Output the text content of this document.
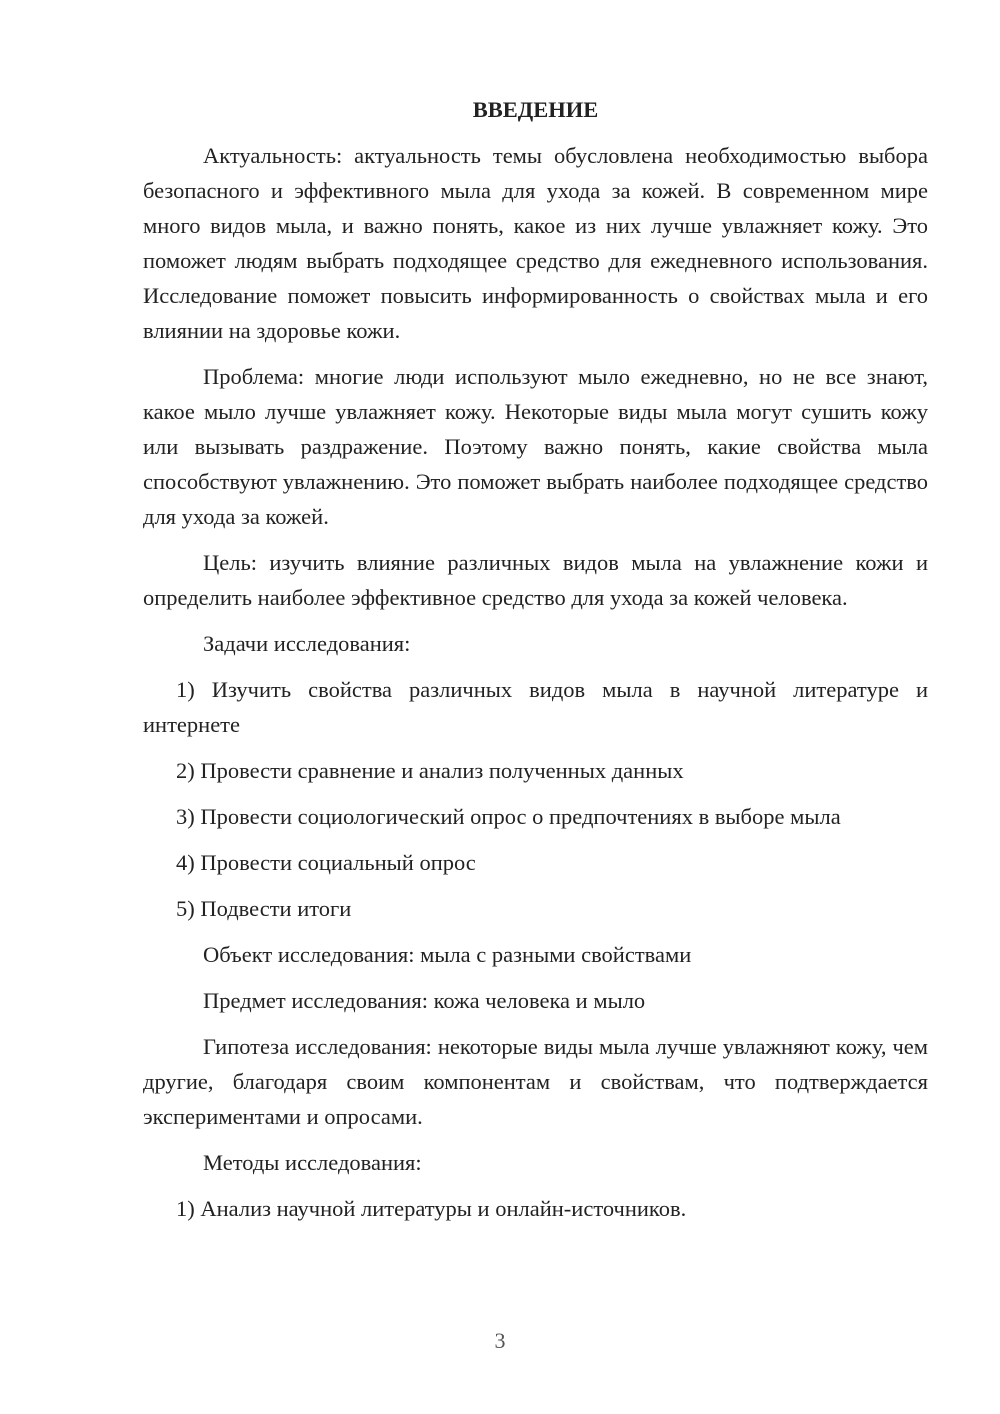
ВВЕДЕНИЕ

Актуальность: актуальность темы обусловлена необходимостью выбора безопасного и эффективного мыла для ухода за кожей. В современном мире много видов мыла, и важно понять, какое из них лучше увлажняет кожу. Это поможет людям выбрать подходящее средство для ежедневного использования. Исследование поможет повысить информированность о свойствах мыла и его влиянии на здоровье кожи.

Проблема: многие люди используют мыло ежедневно, но не все знают, какое мыло лучше увлажняет кожу. Некоторые виды мыла могут сушить кожу или вызывать раздражение. Поэтому важно понять, какие свойства мыла способствуют увлажнению. Это поможет выбрать наиболее подходящее средство для ухода за кожей.

Цель: изучить влияние различных видов мыла на увлажнение кожи и определить наиболее эффективное средство для ухода за кожей человека.

Задачи исследования:

1) Изучить свойства различных видов мыла в научной литературе и интернете

2) Провести сравнение и анализ полученных данных

3) Провести социологический опрос о предпочтениях в выборе мыла

4) Провести социальный опрос

5) Подвести итоги

Объект исследования: мыла с разными свойствами

Предмет исследования: кожа человека и мыло

Гипотеза исследования: некоторые виды мыла лучше увлажняют кожу, чем другие, благодаря своим компонентам и свойствам, что подтверждается экспериментами и опросами.

Методы исследования:

1) Анализ научной литературы и онлайн-источников.

3
